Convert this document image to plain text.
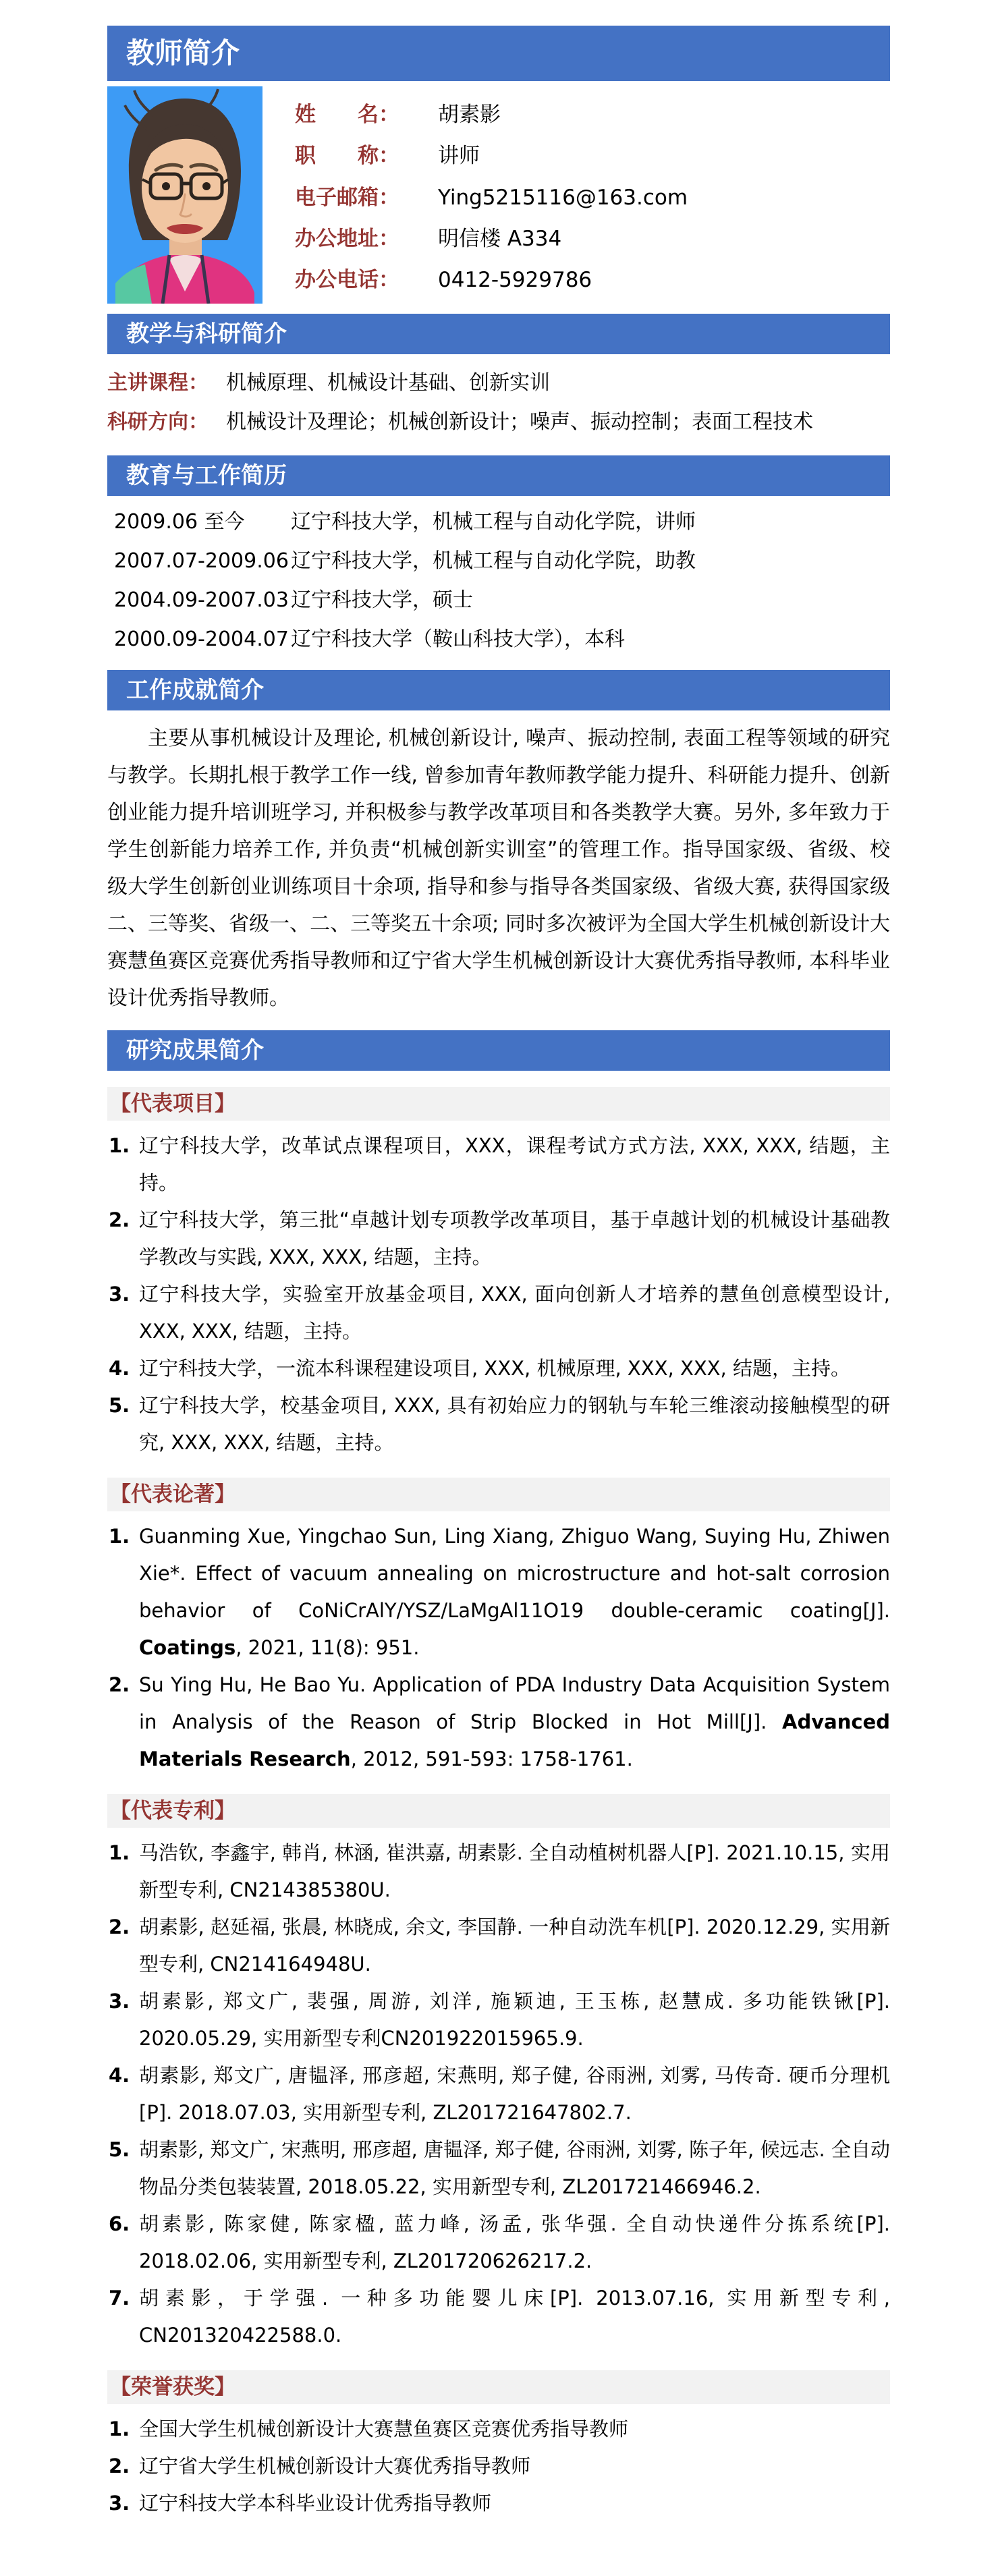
教师简介
姓　　名：	胡素影
职　　称：	讲师
电子邮箱：	Ying5215116@163.com
办公地址：	明信楼 A334
办公电话：	0412-5929786
教学与科研简介
主讲课程： 机械原理、机械设计基础、创新实训
科研方向： 机械设计及理论；机械创新设计；噪声、振动控制；表面工程技术
教育与工作简历
2009.06 至今	辽宁科技大学，机械工程与自动化学院，讲师
2007.07-2009.06 辽宁科技大学，机械工程与自动化学院，助教
2004.09-2007.03 辽宁科技大学，硕士
2000.09-2004.07 辽宁科技大学（鞍山科技大学），本科
工作成就简介

主要从事机械设计及理论, 机械创新设计, 噪声、振动控制, 表面工程等领域的研究与教学。长期扎根于教学工作一线, 曾参加青年教师教学能力提升、科研能力提升、创新创业能力提升培训班学习, 并积极参与教学改革项目和各类教学大赛。另外, 多年致力于学生创新能力培养工作, 并负责“机械创新实训室”的管理工作。指导国家级、省级、校级大学生创新创业训练项目十余项, 指导和参与指导各类国家级、省级大赛, 获得国家级二、三等奖、省级一、二、三等奖五十余项; 同时多次被评为全国大学生机械创新设计大赛慧鱼赛区竞赛优秀指导教师和辽宁省大学生机械创新设计大赛优秀指导教师, 本科毕业设计优秀指导教师。

研究成果简介
【代表项目】
1. 辽宁科技大学，改革试点课程项目，XXX，课程考试方式方法, XXX, XXX, 结题，主持。
2. 辽宁科技大学，第三批“卓越计划专项教学改革项目，基于卓越计划的机械设计基础教学教改与实践, XXX, XXX, 结题，主持。
3. 辽宁科技大学，实验室开放基金项目, XXX, 面向创新人才培养的慧鱼创意模型设计, XXX, XXX, 结题，主持。
4. 辽宁科技大学，一流本科课程建设项目, XXX, 机械原理, XXX, XXX, 结题，主持。
5. 辽宁科技大学，校基金项目, XXX, 具有初始应力的钢轨与车轮三维滚动接触模型的研究, XXX, XXX, 结题，主持。
【代表论著】
1. Guanming Xue, Yingchao Sun, Ling Xiang, Zhiguo Wang, Suying Hu, Zhiwen Xie*. Effect of vacuum annealing on microstructure and hot-salt corrosion behavior of CoNiCrAlY/YSZ/LaMgAl11O19 double-ceramic coating[J]. Coatings, 2021, 11(8): 951.
2. Su Ying Hu, He Bao Yu. Application of PDA Industry Data Acquisition System in Analysis of the Reason of Strip Blocked in Hot Mill[J]. Advanced Materials Research, 2012, 591-593: 1758-1761.
【代表专利】
1. 马浩钦, 李鑫宇, 韩肖, 林涵, 崔洪嘉, 胡素影. 全自动植树机器人[P]. 2021.10.15, 实用新型专利, CN214385380U.
2. 胡素影, 赵延福, 张晨, 林晓成, 余文, 李国静. 一种自动洗车机[P]. 2020.12.29, 实用新型专利, CN214164948U.
3. 胡素影, 郑文广, 裴强, 周游, 刘洋, 施颖迪, 王玉栋, 赵慧成. 多功能铁锹[P]. 2020.05.29, 实用新型专利CN201922015965.9.
4. 胡素影, 郑文广, 唐韫泽, 邢彦超, 宋燕明, 郑子健, 谷雨洲, 刘雾, 马传奇. 硬币分理机[P]. 2018.07.03, 实用新型专利, ZL201721647802.7.
5. 胡素影, 郑文广, 宋燕明, 邢彦超, 唐韫泽, 郑子健, 谷雨洲, 刘雾, 陈子年, 候远志. 全自动物品分类包装装置, 2018.05.22, 实用新型专利, ZL201721466946.2.
6. 胡素影, 陈家健, 陈家楹, 蓝力峰, 汤孟, 张华强. 全自动快递件分拣系统[P]. 2018.02.06, 实用新型专利, ZL201720626217.2.
7. 胡素影，于学强. 一种多功能婴儿床[P]. 2013.07.16, 实用新型专利, CN201320422588.0.
【荣誉获奖】
1. 全国大学生机械创新设计大赛慧鱼赛区竞赛优秀指导教师
2. 辽宁省大学生机械创新设计大赛优秀指导教师
3. 辽宁科技大学本科毕业设计优秀指导教师
